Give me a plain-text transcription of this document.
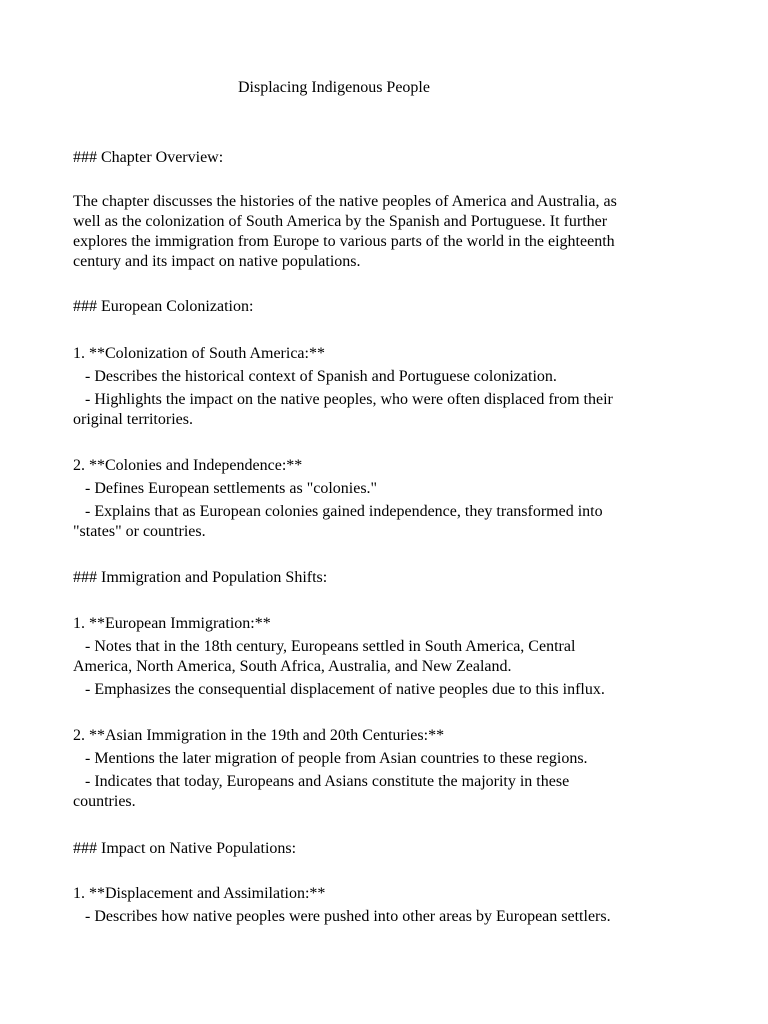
Displacing Indigenous People
### Chapter Overview:
The chapter discusses the histories of the native peoples of America and Australia, as
well as the colonization of South America by the Spanish and Portuguese. It further
explores the immigration from Europe to various parts of the world in the eighteenth
century and its impact on native populations.
### European Colonization:
1. **Colonization of South America:**
- Describes the historical context of Spanish and Portuguese colonization.
- Highlights the impact on the native peoples, who were often displaced from their
original territories.
2. **Colonies and Independence:**
- Defines European settlements as "colonies."
- Explains that as European colonies gained independence, they transformed into
"states" or countries.
### Immigration and Population Shifts:
1. **European Immigration:**
- Notes that in the 18th century, Europeans settled in South America, Central
America, North America, South Africa, Australia, and New Zealand.
- Emphasizes the consequential displacement of native peoples due to this influx.
2. **Asian Immigration in the 19th and 20th Centuries:**
- Mentions the later migration of people from Asian countries to these regions.
- Indicates that today, Europeans and Asians constitute the majority in these
countries.
### Impact on Native Populations:
1. **Displacement and Assimilation:**
- Describes how native peoples were pushed into other areas by European settlers.
